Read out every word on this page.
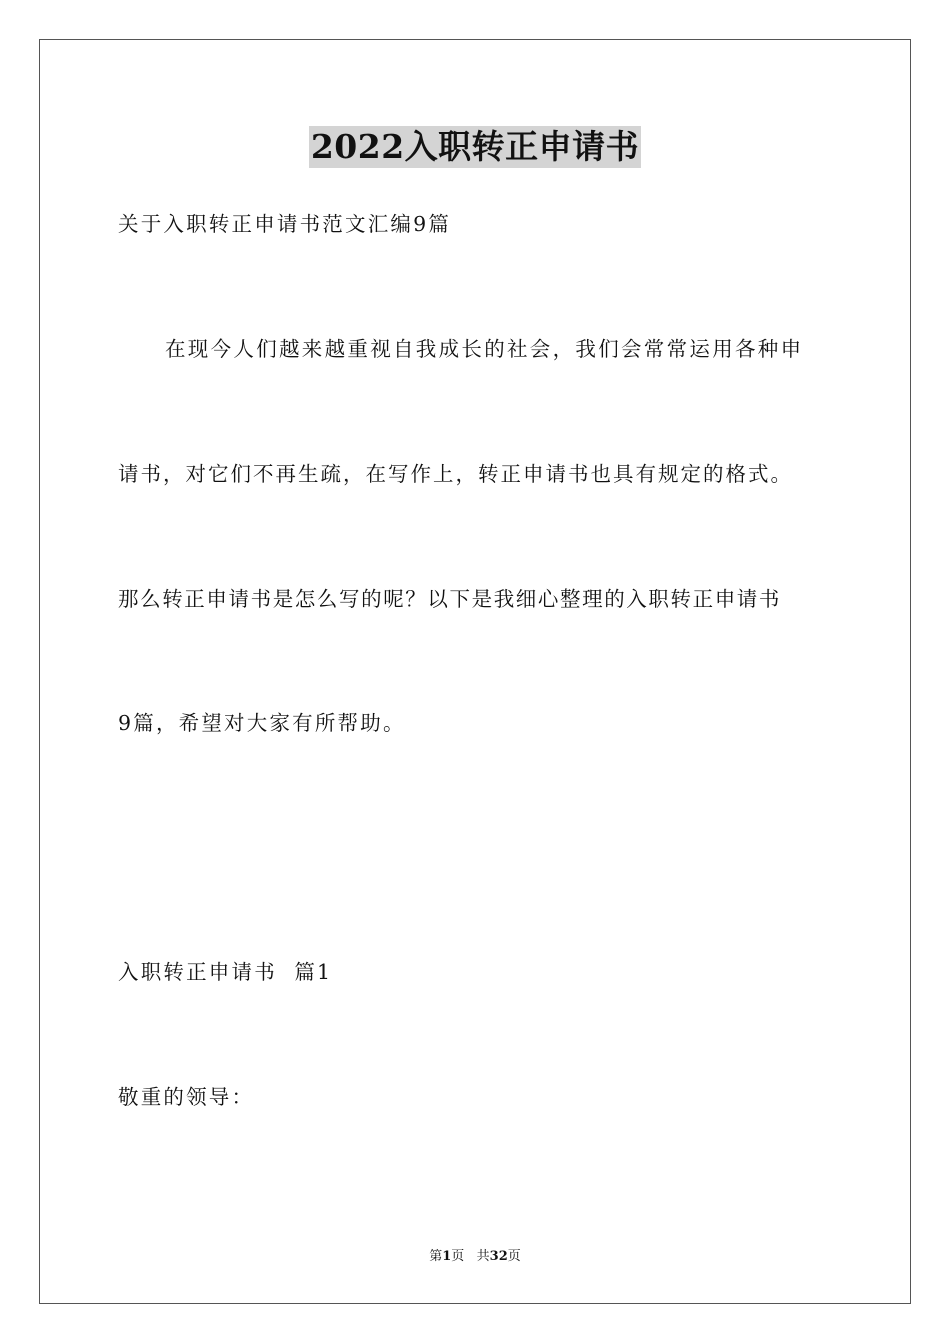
2022入职转正申请书
关于入职转正申请书范文汇编9篇
在现今人们越来越重视自我成长的社会，我们会常常运用各种申
请书，对它们不再生疏，在写作上，转正申请书也具有规定的格式。
那么转正申请书是怎么写的呢？以下是我细心整理的入职转正申请书
9篇，希望对大家有所帮助。
入职转正申请书  篇1
敬重的领导：
第1页   共32页
